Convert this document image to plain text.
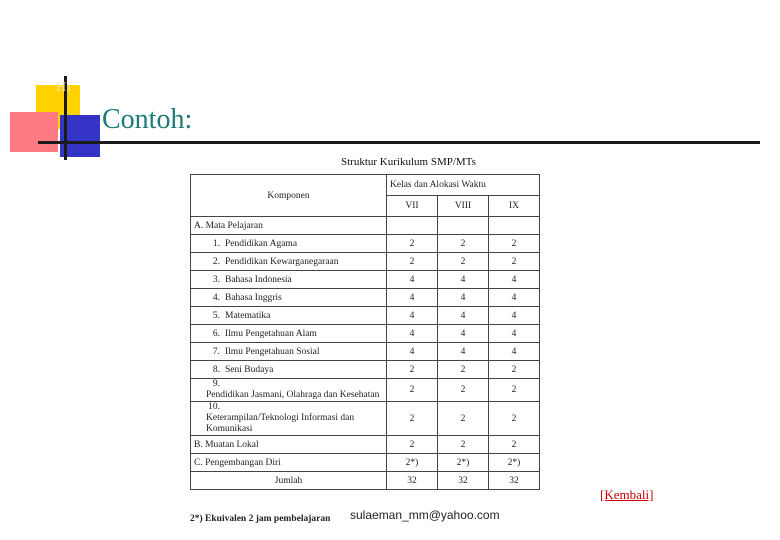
Hi
Contoh:
Struktur Kurikulum SMP/MTs
Komponen	Kelas dan Alokasi Waktu		
	VII	VIII	IX
A. Mata Pelajaran			
1. Pendidikan Agama	2	2	2
2. Pendidikan Kewarganegaraan	2	2	2
3. Bahasa Indonesia	4	4	4
4. Bahasa Inggris	4	4	4
5. Matematika	4	4	4
6. Ilmu Pengetahuan Alam	4	4	4
7. Ilmu Pengetahuan Sosial	4	4	4
8. Seni Budaya	2	2	2
9.Pendidikan Jasmani, Olahraga dan Kesehatan	2	2	2
10.Keterampilan/Teknologi Informasi dan Komunikasi	2	2	2
B. Muatan Lokal	2	2	2
C. Pengembangan Diri	2*)	2*)	2*)
Jumlah	32	32	32
2*) Ekuivalen 2 jam pembelajaran sulaeman_mm@yahoo.com
[Kembali]
